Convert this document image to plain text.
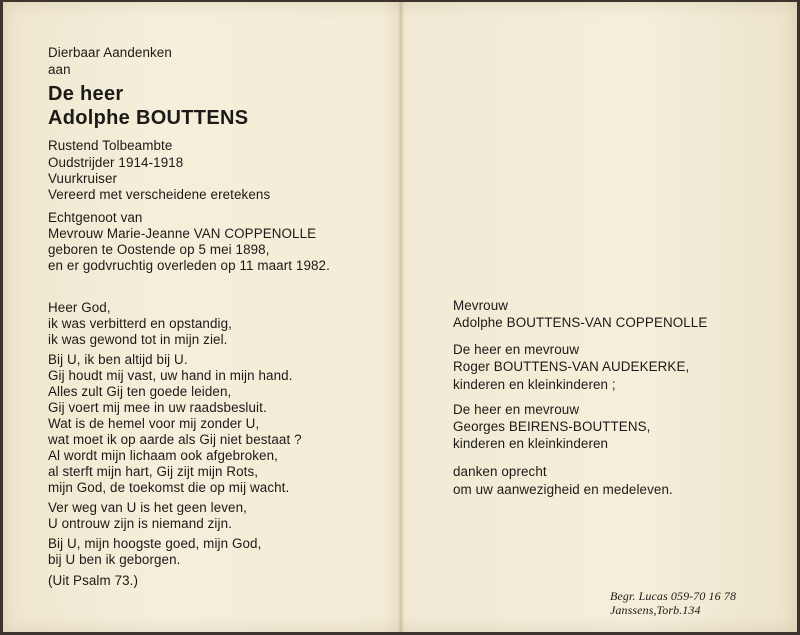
Dierbaar Aandenken
aan
De heer
Adolphe BOUTTENS
Rustend Tolbeambte
Oudstrijder 1914-1918
Vuurkruiser
Vereerd met verscheidene eretekens
Echtgenoot van
Mevrouw Marie-Jeanne VAN COPPENOLLE
geboren te Oostende op 5 mei 1898,
en er godvruchtig overleden op 11 maart 1982.
Heer God,
ik was verbitterd en opstandig,
ik was gewond tot in mijn ziel.
Bij U, ik ben altijd bij U.
Gij houdt mij vast, uw hand in mijn hand.
Alles zult Gij ten goede leiden,
Gij voert mij mee in uw raadsbesluit.
Wat is de hemel voor mij zonder U,
wat moet ik op aarde als Gij niet bestaat ?
Al wordt mijn lichaam ook afgebroken,
al sterft mijn hart, Gij zijt mijn Rots,
mijn God, de toekomst die op mij wacht.
Ver weg van U is het geen leven,
U ontrouw zijn is niemand zijn.
Bij U, mijn hoogste goed, mijn God,
bij U ben ik geborgen.
(Uit Psalm 73.)
Mevrouw
Adolphe BOUTTENS-VAN COPPENOLLE
De heer en mevrouw
Roger BOUTTENS-VAN AUDEKERKE,
kinderen en kleinkinderen ;
De heer en mevrouw
Georges BEIRENS-BOUTTENS,
kinderen en kleinkinderen
danken oprecht
om uw aanwezigheid en medeleven.
Begr. Lucas 059-70 16 78
Janssens,Torb.134
